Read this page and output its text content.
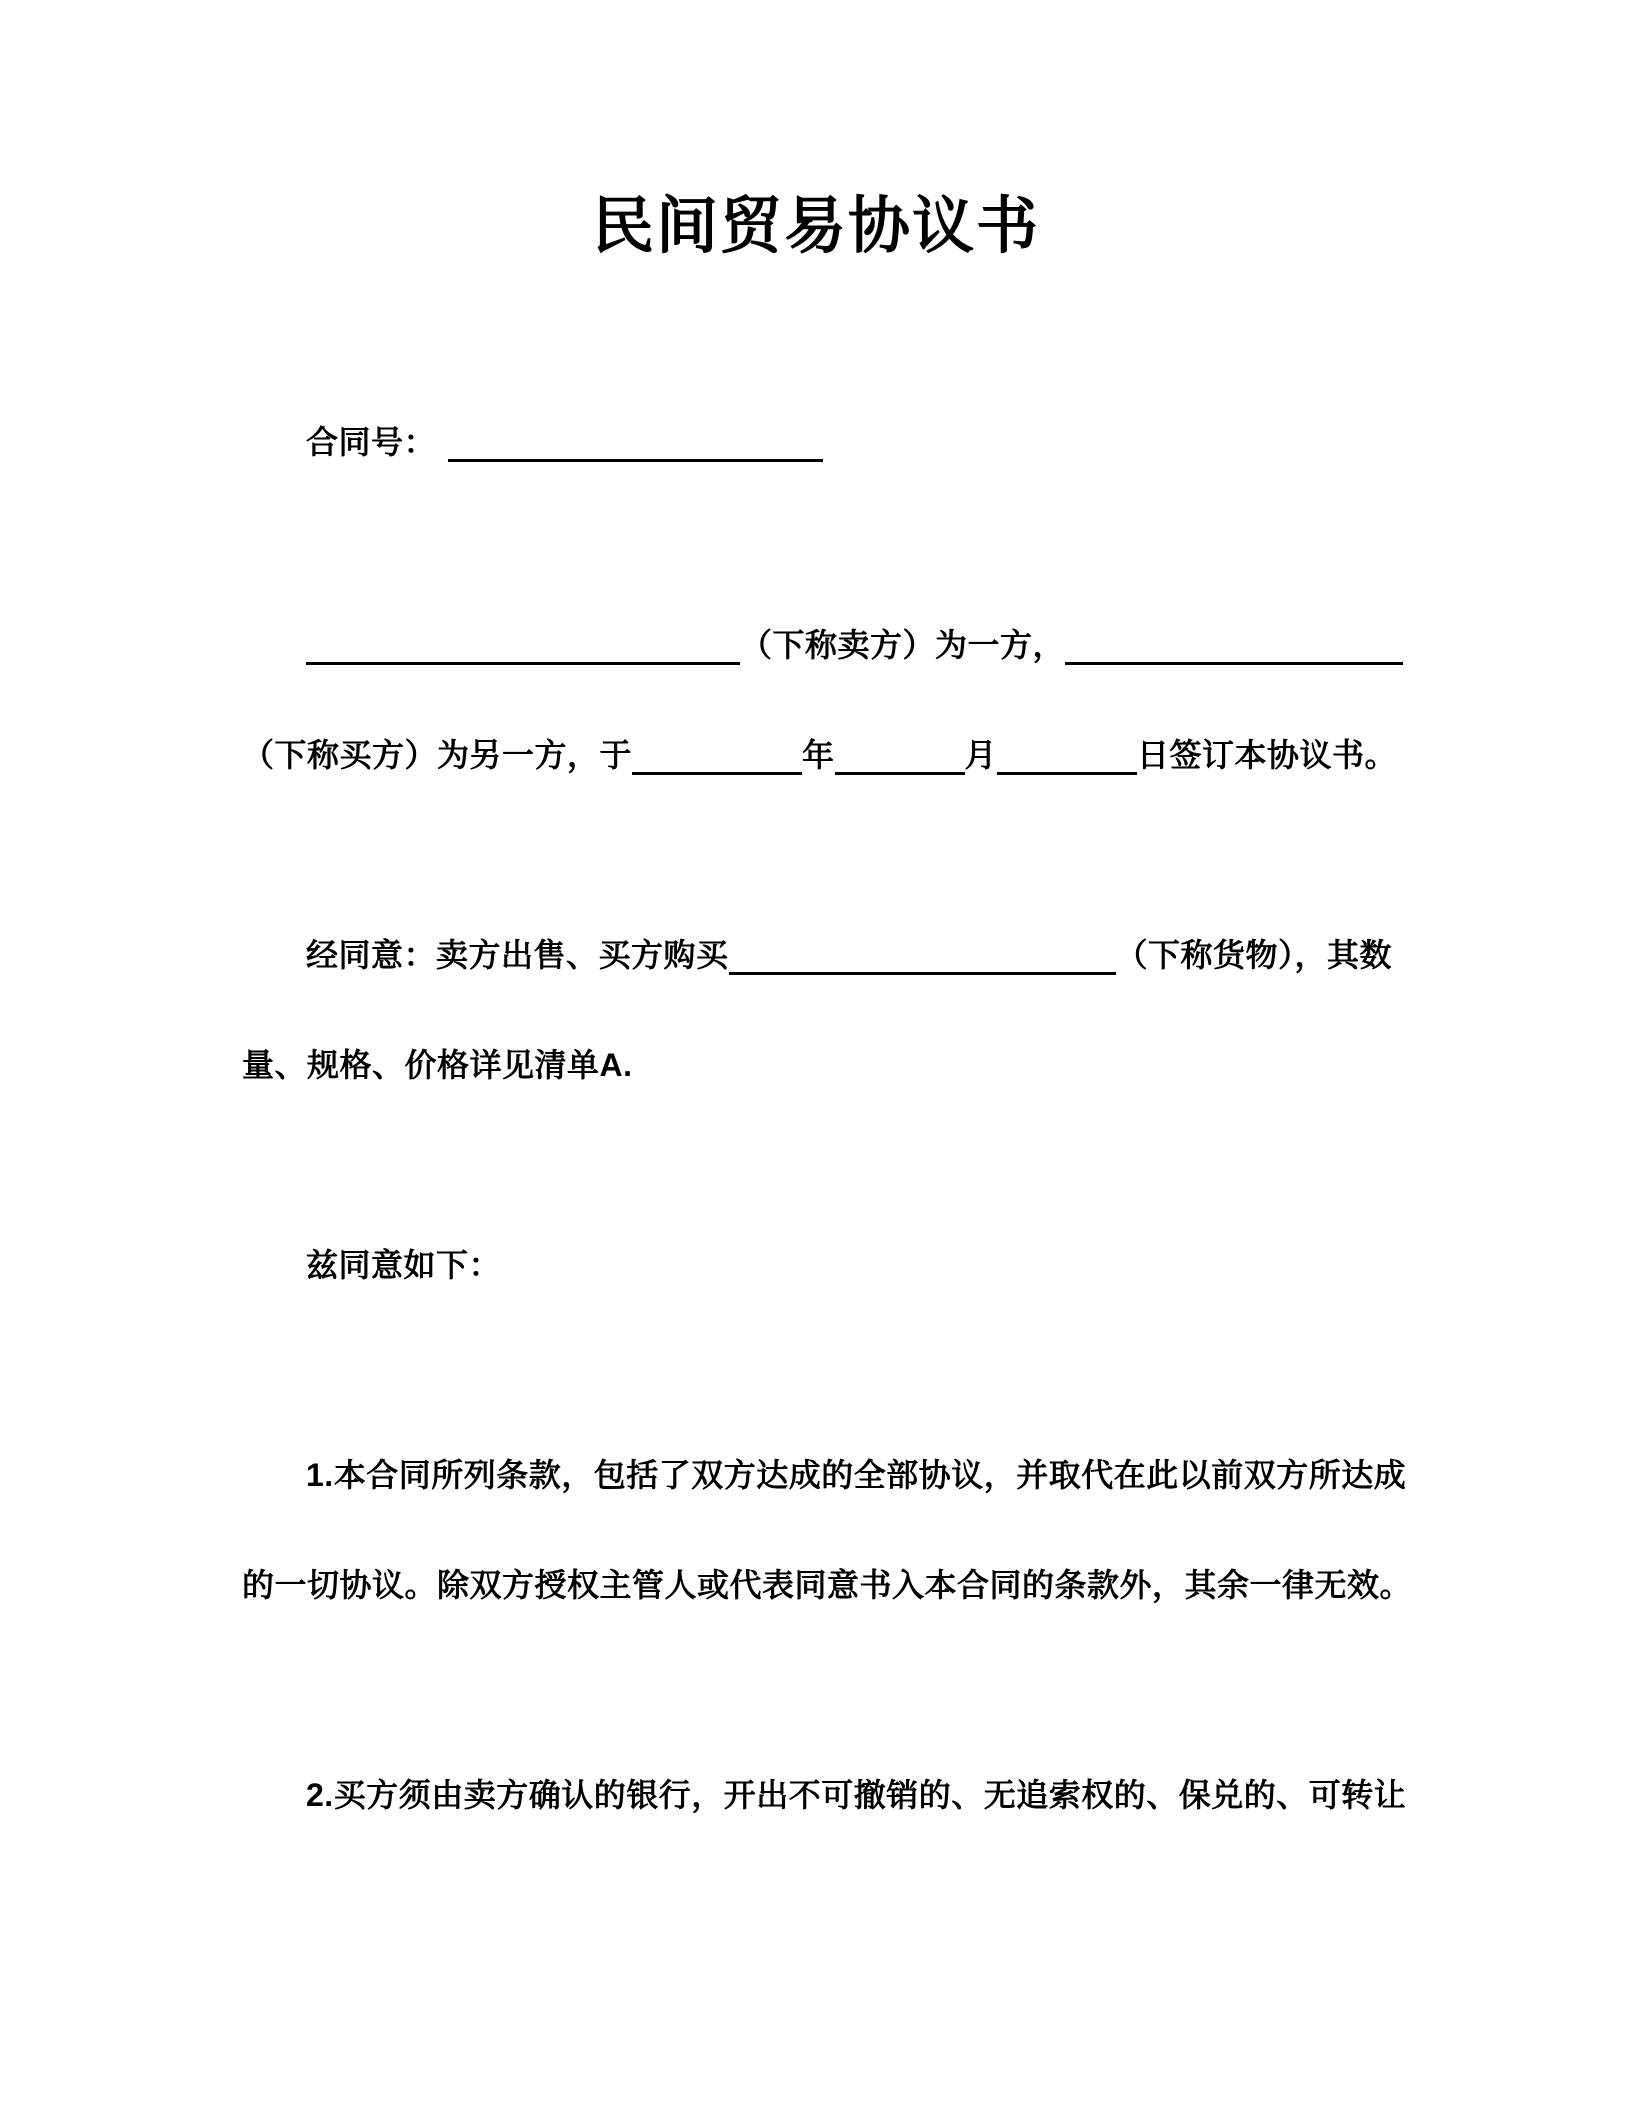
民间贸易协议书
合同号：
（下称卖方）为一方，
（下称买方）为另一方，于	年	月	日签订本协议书。
经同意：卖方出售、买方购买	（下称货物），其数
量、规格、价格详见清单A.
兹同意如下：
1.本合同所列条款，包括了双方达成的全部协议，并取代在此以前双方所达成
的一切协议。除双方授权主管人或代表同意书入本合同的条款外，其余一律无效。
2.买方须由卖方确认的银行，开出不可撤销的、无追索权的、保兑的、可转让
